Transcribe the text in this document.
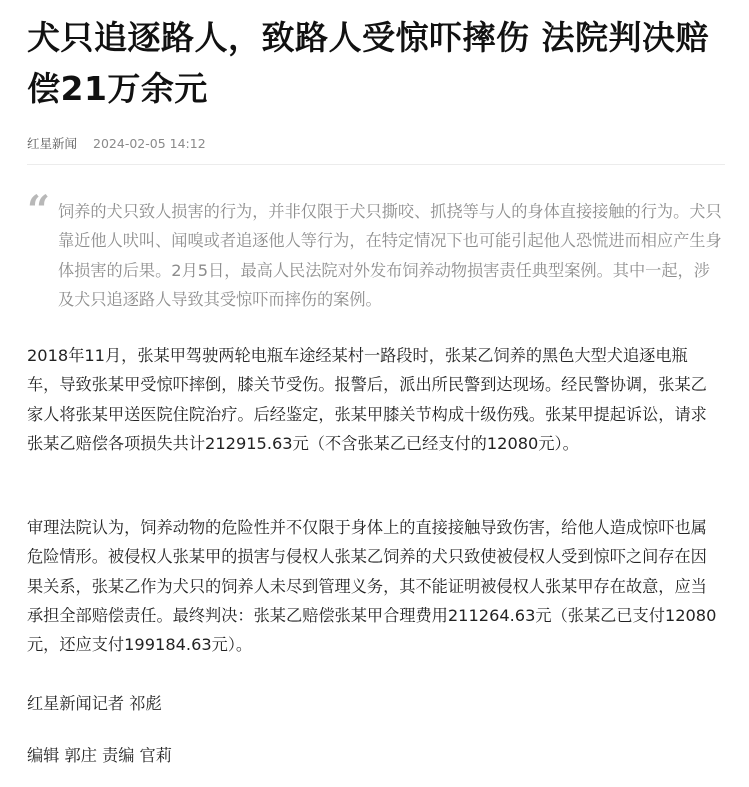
犬只追逐路人，致路人受惊吓摔伤 法院判决赔偿21万余元
红星新闻 2024-02-05 14:12
“ 饲养的犬只致人损害的行为，并非仅限于犬只撕咬、抓挠等与人的身体直接接触的行为。犬只靠近他人吠叫、闻嗅或者追逐他人等行为，在特定情况下也可能引起他人恐慌进而相应产生身体损害的后果。2月5日，最高人民法院对外发布饲养动物损害责任典型案例。其中一起，涉及犬只追逐路人导致其受惊吓而摔伤的案例。

2018年11月，张某甲驾驶两轮电瓶车途经某村一路段时，张某乙饲养的黑色大型犬追逐电瓶车，导致张某甲受惊吓摔倒，膝关节受伤。报警后，派出所民警到达现场。经民警协调，张某乙家人将张某甲送医院住院治疗。后经鉴定，张某甲膝关节构成十级伤残。张某甲提起诉讼，请求张某乙赔偿各项损失共计212915.63元（不含张某乙已经支付的12080元）。

审理法院认为，饲养动物的危险性并不仅限于身体上的直接接触导致伤害，给他人造成惊吓也属危险情形。被侵权人张某甲的损害与侵权人张某乙饲养的犬只致使被侵权人受到惊吓之间存在因果关系，张某乙作为犬只的饲养人未尽到管理义务，其不能证明被侵权人张某甲存在故意，应当承担全部赔偿责任。最终判决：张某乙赔偿张某甲合理费用211264.63元（张某乙已支付12080元，还应支付199184.63元）。

红星新闻记者 祁彪
编辑 郭庄 责编 官莉
